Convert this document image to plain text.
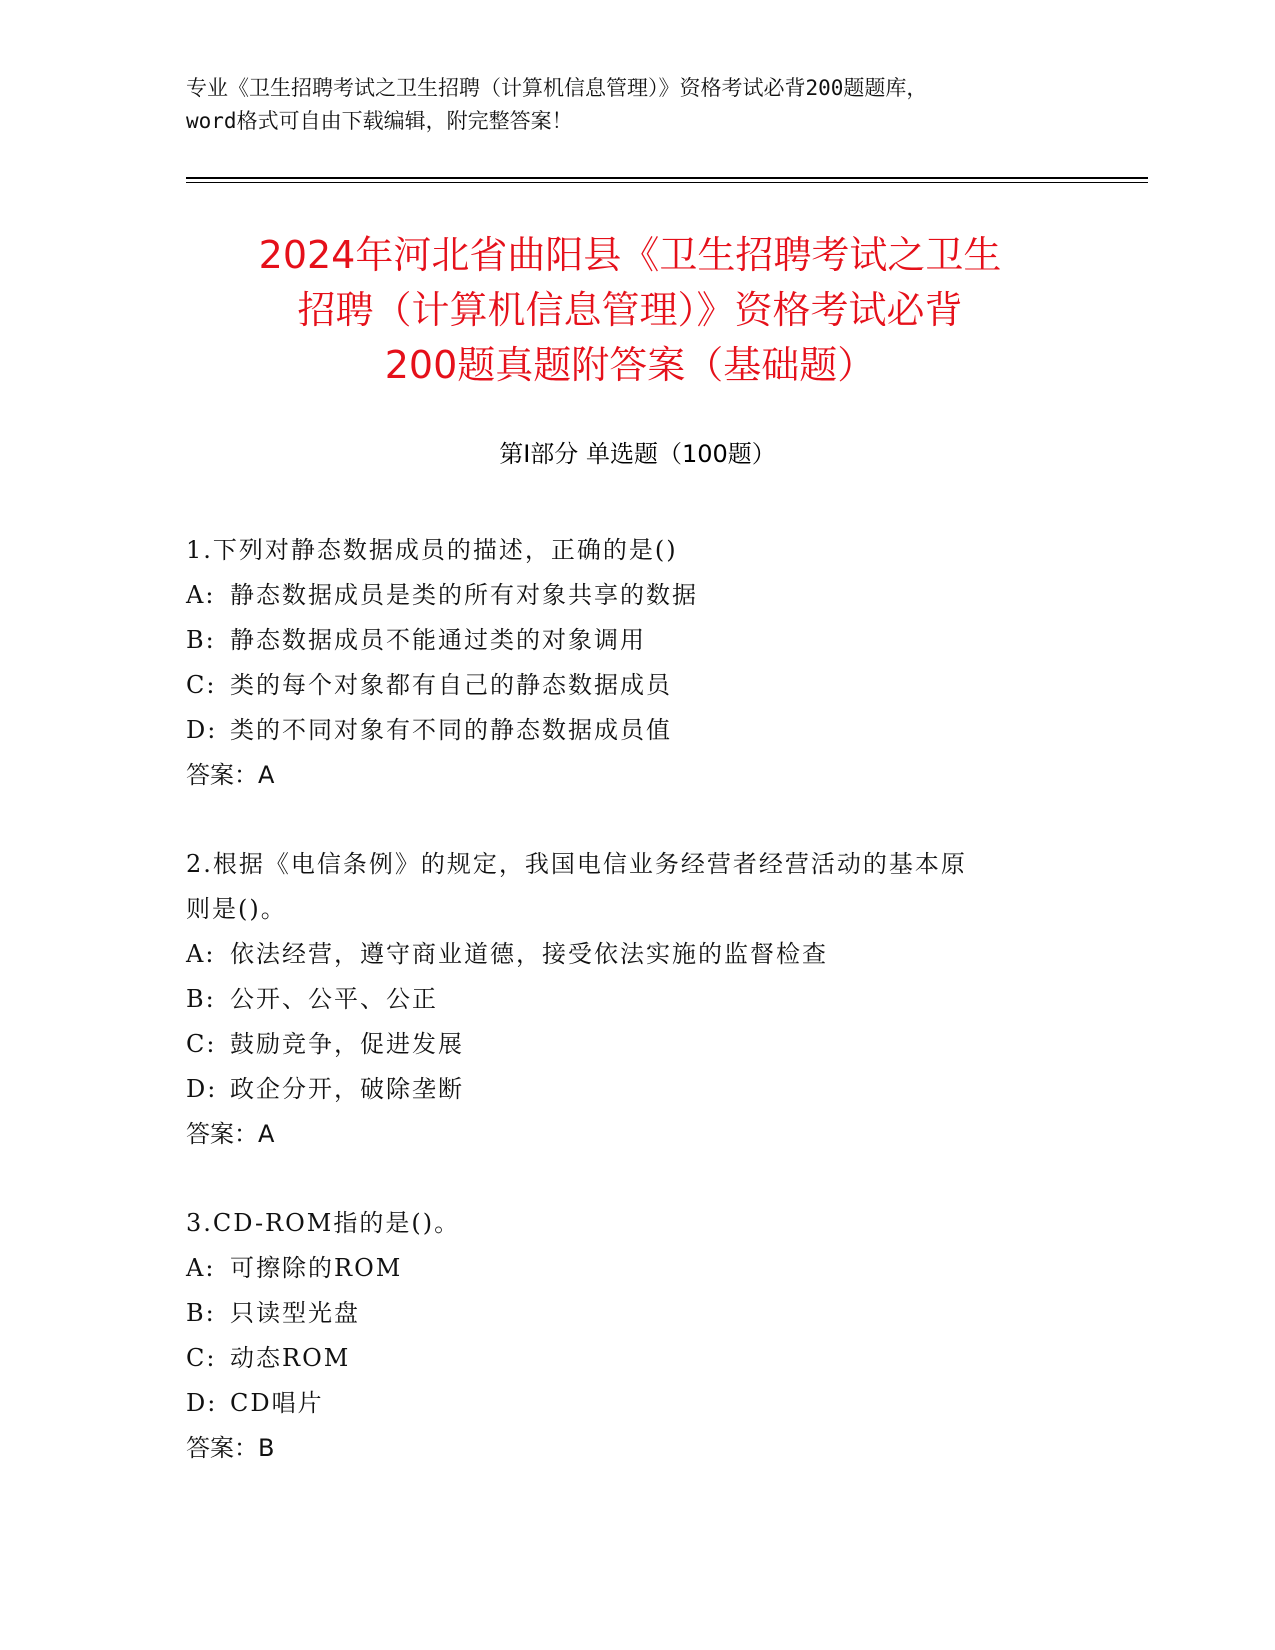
专业《卫生招聘考试之卫生招聘（计算机信息管理）》资格考试必背200题题库，
word格式可自由下载编辑，附完整答案！
2024年河北省曲阳县《卫生招聘考试之卫生
招聘（计算机信息管理）》资格考试必背
200题真题附答案（基础题）
第Ⅰ部分 单选题（100题）
1.下列对静态数据成员的描述，正确的是()
A: 静态数据成员是类的所有对象共享的数据
B: 静态数据成员不能通过类的对象调用
C: 类的每个对象都有自己的静态数据成员
D: 类的不同对象有不同的静态数据成员值
答案：A
2.根据《电信条例》的规定，我国电信业务经营者经营活动的基本原
则是()。
A: 依法经营，遵守商业道德，接受依法实施的监督检查
B: 公开、公平、公正
C: 鼓励竞争，促进发展
D: 政企分开，破除垄断
答案：A
3.CD-ROM指的是()。
A: 可擦除的ROM
B: 只读型光盘
C: 动态ROM
D: CD唱片
答案：B
